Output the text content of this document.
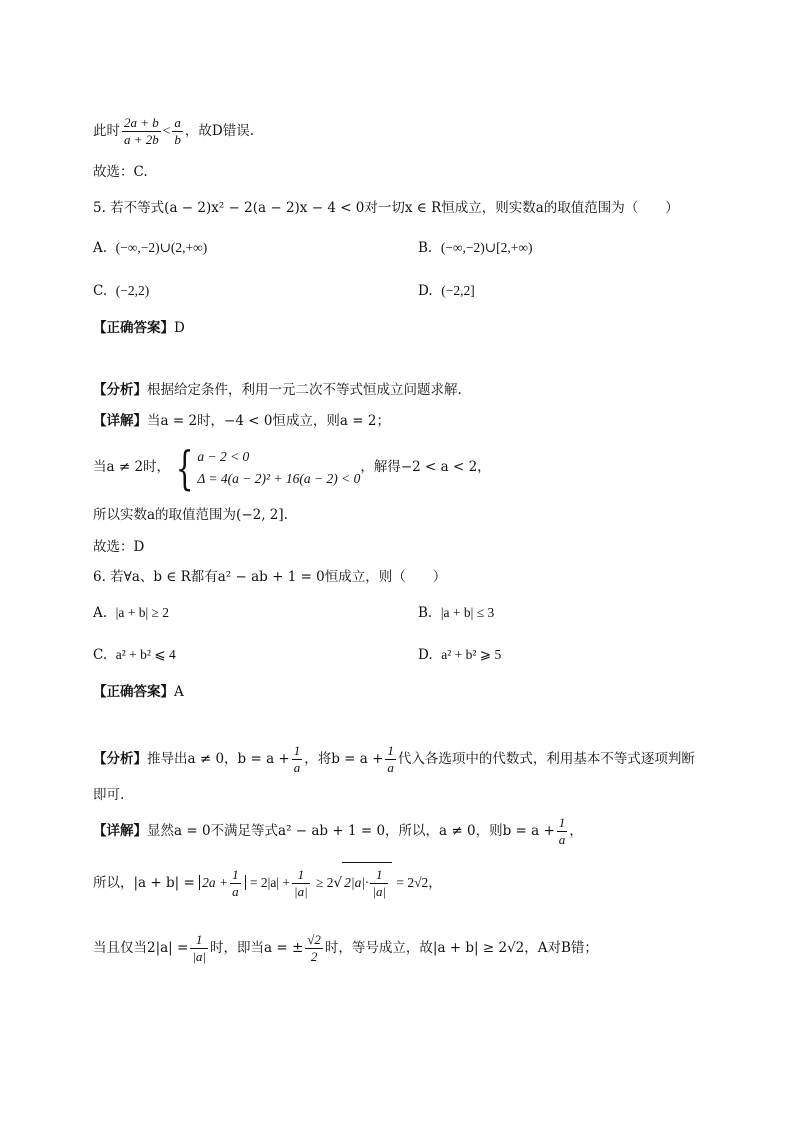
此时 $\frac{2a + b}{a + 2b} < \frac{a}{b}$ ，故D错误.
故选：C.
5. 若不等式(a − 2)x² − 2(a − 2)x − 4 < 0对一切x ∈ R恒成立，则实数a的取值范围为（　　）
A. (−∞,−2)∪(2,+∞)	B. (−∞,−2)∪[2,+∞)
C. (−2,2)	D. (−2,2]
【正确答案】D
【分析】根据给定条件，利用一元二次不等式恒成立问题求解.
【详解】当a = 2时，−4 < 0恒成立，则a = 2；
当a ≠ 2时， { a − 2 < 0
Δ = 4(a − 2)² + 16(a − 2) < 0
，解得−2 < a < 2，
所以实数a的取值范围为(−2, 2].
故选：D
6. 若∀a、b ∈ R都有a² − ab + 1 = 0恒成立，则（　　）
A. |a + b| ≥ 2	B. |a + b| ≤ 3
C. a² + b² ⩽ 4	D. a² + b² ⩾ 5
【正确答案】A
【分析】推导出a ≠ 0，$b = a + \frac{1}{a}$ ，将$b = a + \frac{1}{a}$ 代入各选项中的代数式，利用基本不等式逐项判断
即可.
【详解】显然a = 0不满足等式a² − ab + 1 = 0，所以，a ≠ 0，则$b = a + \frac{1}{a}$ ，
所以，$|a + b| = 2a + \frac{1}{a} = 2|a| + \frac{1}{|a|} \ge 2√$ $2|a|\cdot \frac{1}{|a|} = 2√2$，
当且仅当$2|a| = \frac{1}{|a|}$ 时，即当a = ± $\frac{√2}{2}$ 时，等号成立，故|a + b| ≥ 2√2，A对B错；
